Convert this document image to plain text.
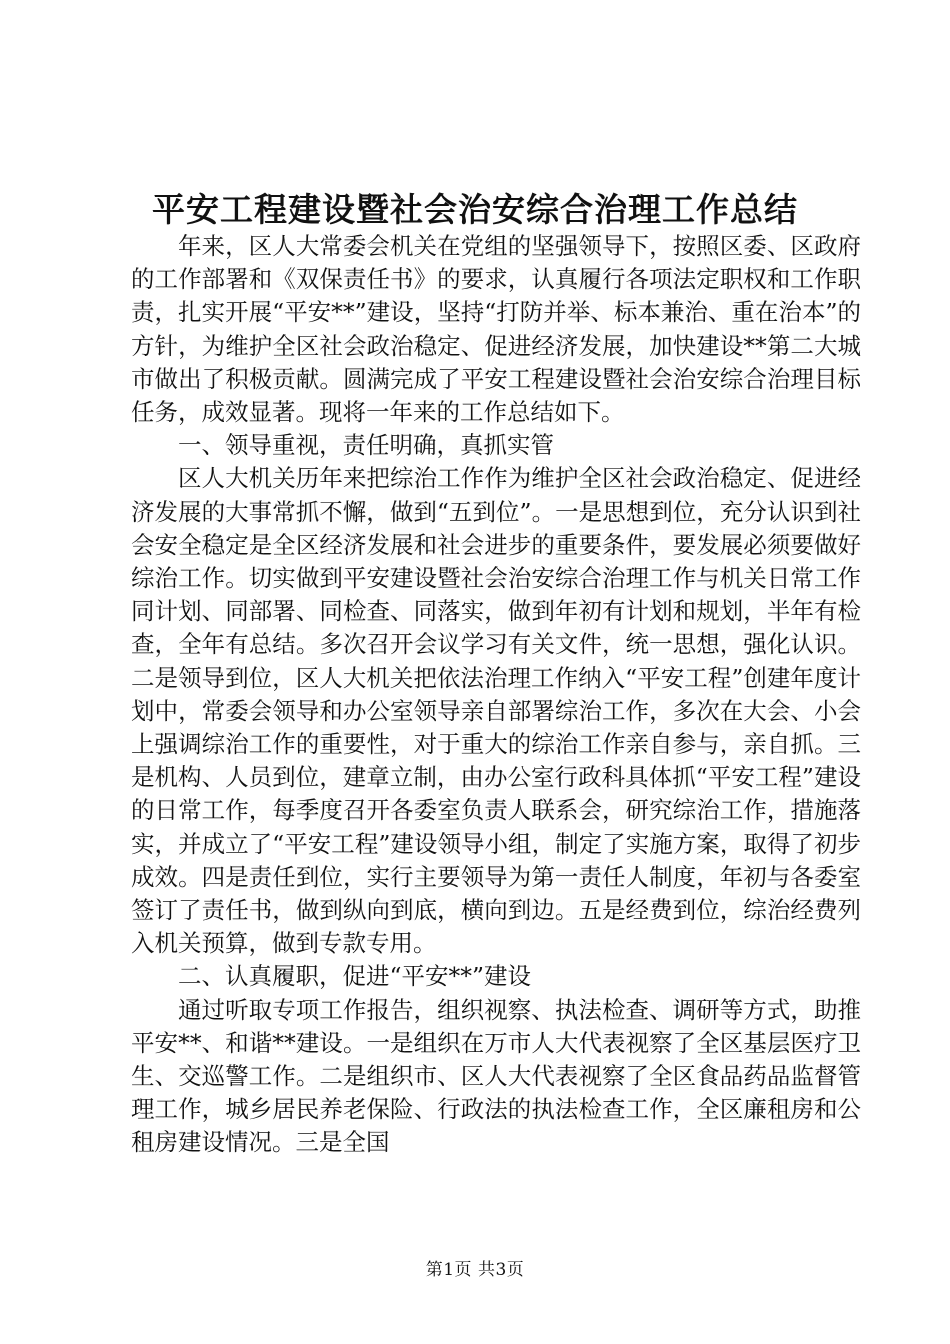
平安工程建设暨社会治安综合治理工作总结

年来，区人大常委会机关在党组的坚强领导下，按照区委、区政府的工作部署和《双保责任书》的要求，认真履行各项法定职权和工作职责，扎实开展“平安**”建设，坚持“打防并举、标本兼治、重在治本”的方针，为维护全区社会政治稳定、促进经济发展，加快建设**第二大城市做出了积极贡献。圆满完成了平安工程建设暨社会治安综合治理目标任务，成效显著。现将一年来的工作总结如下。

一、领导重视，责任明确，真抓实管

区人大机关历年来把综治工作作为维护全区社会政治稳定、促进经济发展的大事常抓不懈，做到“五到位”。一是思想到位，充分认识到社会安全稳定是全区经济发展和社会进步的重要条件，要发展必须要做好综治工作。切实做到平安建设暨社会治安综合治理工作与机关日常工作同计划、同部署、同检查、同落实，做到年初有计划和规划，半年有检查，全年有总结。多次召开会议学习有关文件，统一思想，强化认识。二是领导到位，区人大机关把依法治理工作纳入“平安工程”创建年度计划中，常委会领导和办公室领导亲自部署综治工作，多次在大会、小会上强调综治工作的重要性，对于重大的综治工作亲自参与，亲自抓。三是机构、人员到位，建章立制，由办公室行政科具体抓“平安工程”建设的日常工作，每季度召开各委室负责人联系会，研究综治工作，措施落实，并成立了“平安工程”建设领导小组，制定了实施方案，取得了初步成效。四是责任到位，实行主要领导为第一责任人制度，年初与各委室签订了责任书，做到纵向到底，横向到边。五是经费到位，综治经费列入机关预算，做到专款专用。

二、认真履职，促进“平安**”建设

通过听取专项工作报告，组织视察、执法检查、调研等方式，助推平安**、和谐**建设。一是组织在万市人大代表视察了全区基层医疗卫生、交巡警工作。二是组织市、区人大代表视察了全区食品药品监督管理工作，城乡居民养老保险、行政法的执法检查工作，全区廉租房和公租房建设情况。三是全国

第1页 共3页
